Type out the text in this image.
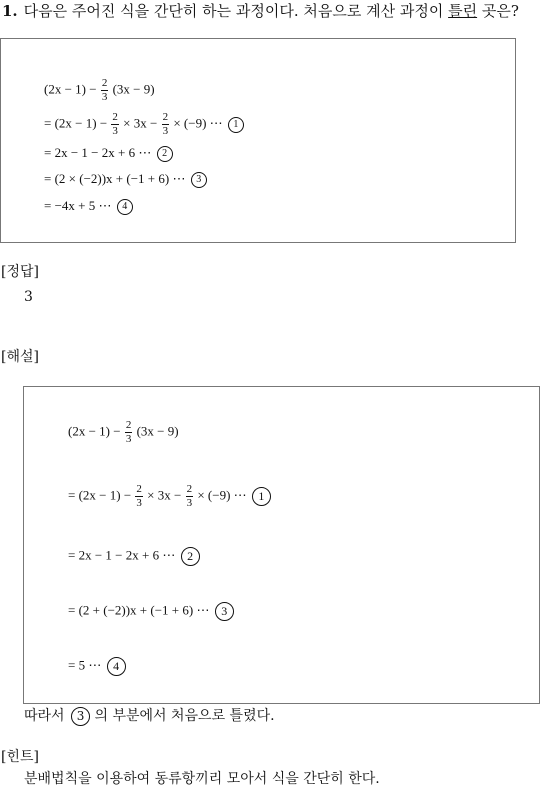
1. 다음은 주어진 식을 간단히 하는 과정이다. 처음으로 계산 과정이 틀린 곳은?
$(2x - 1) - \frac{2}{3} (3x - 9)$
= $(2x - 1) - \frac{2}{3} \times 3x - \frac{2}{3} \times (-9)$ ⋯ 1
= 2x − 1 − 2x + 6 ⋯ 2
= (2 × (−2))x + (−1 + 6) ⋯ 3
= −4x + 5 ⋯ 4
[정답]
3
[해설]
$(2x - 1) - \frac{2}{3} (3x - 9)$
= $(2x - 1) - \frac{2}{3} \times 3x - \frac{2}{3} \times (-9)$ ⋯ 1
= 2x − 1 − 2x + 6 ⋯ 2
= (2 + (−2))x + (−1 + 6) ⋯ 3
= 5 ⋯ 4
따라서 3 의 부분에서 처음으로 틀렸다.
[힌트]
분배법칙을 이용하여 동류항끼리 모아서 식을 간단히 한다.
